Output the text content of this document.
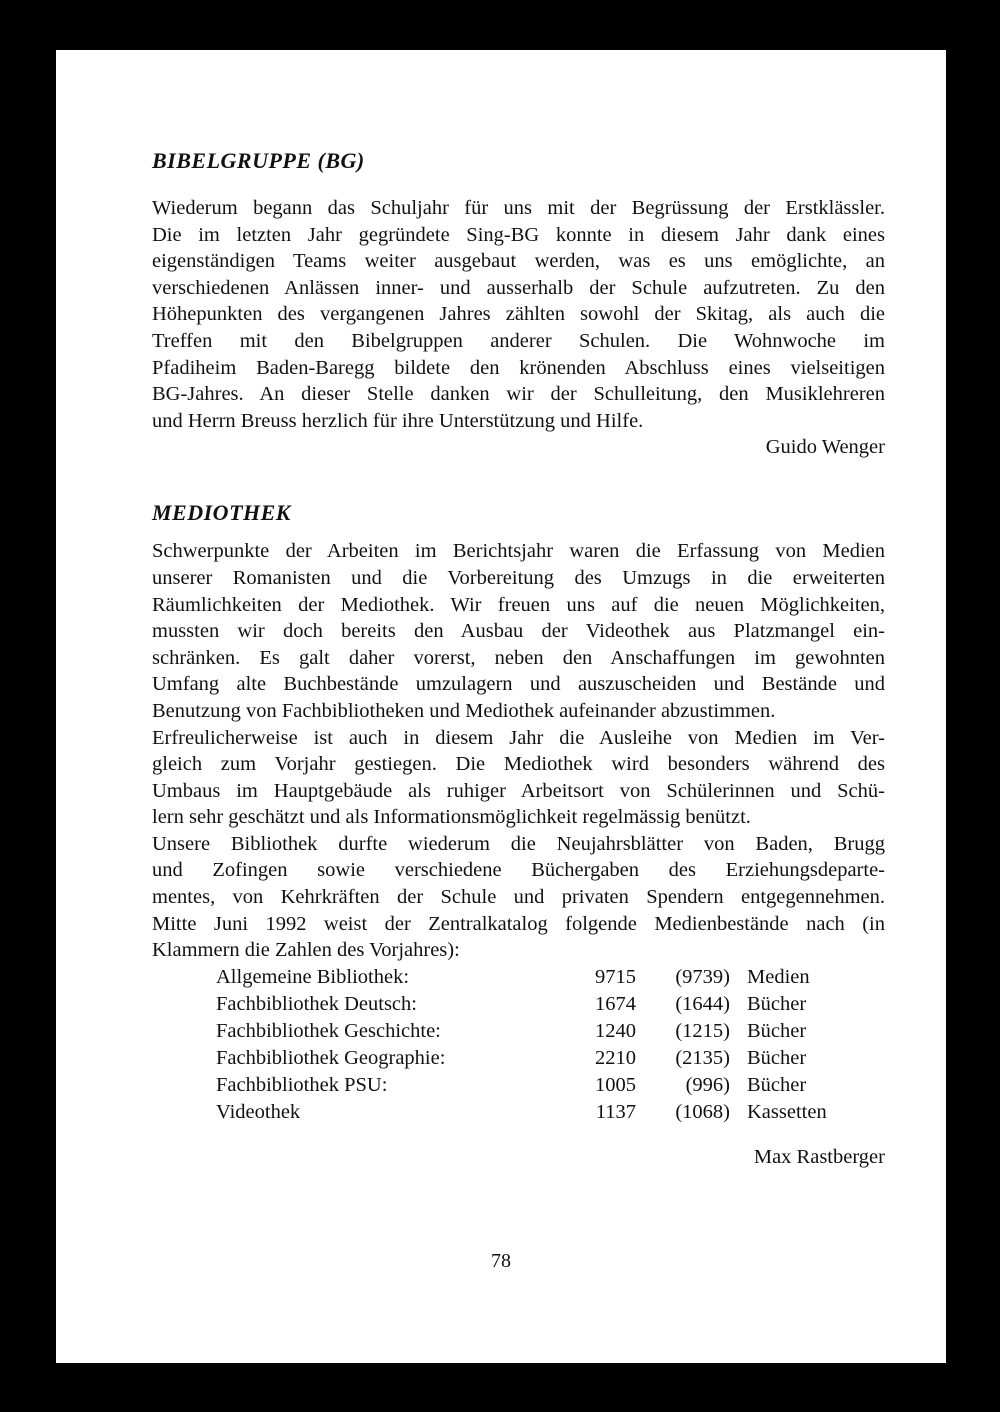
BIBELGRUPPE (BG)

Wiederum begann das Schuljahr für uns mit der Begrüssung der Erstklässler.
Die im letzten Jahr gegründete Sing-BG konnte in diesem Jahr dank eines
eigenständigen Teams weiter ausgebaut werden, was es uns emöglichte, an
verschiedenen Anlässen inner- und ausserhalb der Schule aufzutreten. Zu den
Höhepunkten des vergangenen Jahres zählten sowohl der Skitag, als auch die
Treffen mit den Bibelgruppen anderer Schulen. Die Wohnwoche im
Pfadiheim Baden-Baregg bildete den krönenden Abschluss eines vielseitigen
BG-Jahres. An dieser Stelle danken wir der Schulleitung, den Musiklehreren
und Herrn Breuss herzlich für ihre Unterstützung und Hilfe.

Guido Wenger

MEDIOTHEK

Schwerpunkte der Arbeiten im Berichtsjahr waren die Erfassung von Medien
unserer Romanisten und die Vorbereitung des Umzugs in die erweiterten
Räumlichkeiten der Mediothek. Wir freuen uns auf die neuen Möglichkeiten,
mussten wir doch bereits den Ausbau der Videothek aus Platzmangel ein-
schränken. Es galt daher vorerst, neben den Anschaffungen im gewohnten
Umfang alte Buchbestände umzulagern und auszuscheiden und Bestände und
Benutzung von Fachbibliotheken und Mediothek aufeinander abzustimmen.
Erfreulicherweise ist auch in diesem Jahr die Ausleihe von Medien im Ver-
gleich zum Vorjahr gestiegen. Die Mediothek wird besonders während des
Umbaus im Hauptgebäude als ruhiger Arbeitsort von Schülerinnen und Schü-
lern sehr geschätzt und als Informationsmöglichkeit regelmässig benützt.
Unsere Bibliothek durfte wiederum die Neujahrsblätter von Baden, Brugg
und Zofingen sowie verschiedene Büchergaben des Erziehungsdeparte-
mentes, von Kehrkräften der Schule und privaten Spendern entgegennehmen.
Mitte Juni 1992 weist der Zentralkatalog folgende Medienbestände nach (in
Klammern die Zahlen des Vorjahres):

Allgemeine Bibliothek:	9715	(9739) Medien
Fachbibliothek Deutsch:	1674	(1644) Bücher
Fachbibliothek Geschichte:	1240	(1215) Bücher
Fachbibliothek Geographie:	2210	(2135) Bücher
Fachbibliothek PSU:	1005	(996) Bücher
Videothek	1137	(1068) Kassetten

Max Rastberger

78
